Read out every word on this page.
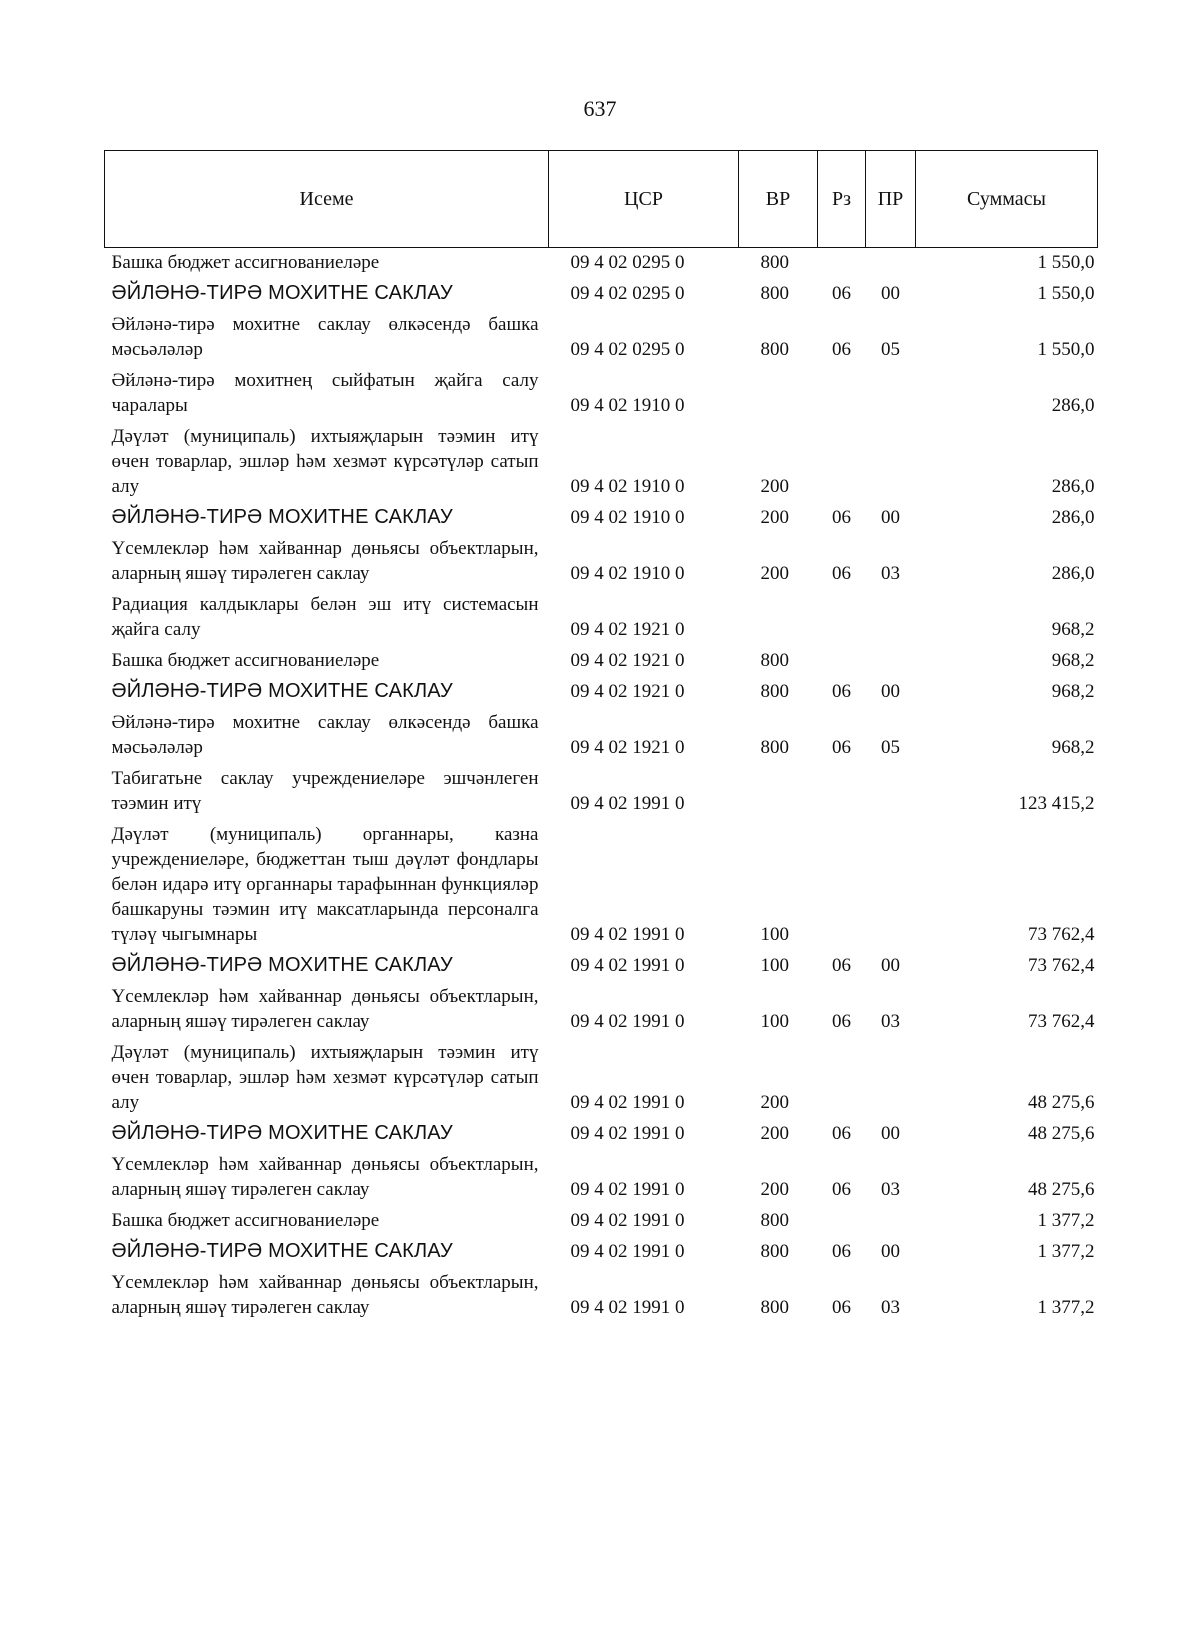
637
Исеме	ЦСР	ВР	Рз	ПР	Суммасы
Башка бюджет ассигнованиеләре	09 4 02 0295 0	800			1 550,0
ӘЙЛӘНӘ-ТИРӘ МОХИТНЕ САКЛАУ	09 4 02 0295 0	800	06	00	1 550,0
Әйләнә-тирә мохитне саклау өлкәсендә башка мәсьәләләр	09 4 02 0295 0	800	06	05	1 550,0
Әйләнә-тирә мохитнең сыйфатын җайга салу чаралары	09 4 02 1910 0				286,0
Дәүләт (муниципаль) ихтыяҗларын тәэмин итү өчен товарлар, эшләр һәм хезмәт күрсәтүләр сатып алу	09 4 02 1910 0	200			286,0
ӘЙЛӘНӘ-ТИРӘ МОХИТНЕ САКЛАУ	09 4 02 1910 0	200	06	00	286,0
Үсемлекләр һәм хайваннар дөньясы объектларын, аларның яшәү тирәлеген саклау	09 4 02 1910 0	200	06	03	286,0
Радиация калдыклары белән эш итү системасын җайга салу	09 4 02 1921 0				968,2
Башка бюджет ассигнованиеләре	09 4 02 1921 0	800			968,2
ӘЙЛӘНӘ-ТИРӘ МОХИТНЕ САКЛАУ	09 4 02 1921 0	800	06	00	968,2
Әйләнә-тирә мохитне саклау өлкәсендә башка мәсьәләләр	09 4 02 1921 0	800	06	05	968,2
Табигатьне саклау учреждениеләре эшчәнлеген тәэмин итү	09 4 02 1991 0				123 415,2
Дәүләт (муниципаль) органнары, казна учреждениеләре, бюджеттан тыш дәүләт фондлары белән идарә итү органнары тарафыннан функцияләр башкаруны тәэмин итү максатларында персоналга түләү чыгымнары	09 4 02 1991 0	100			73 762,4
ӘЙЛӘНӘ-ТИРӘ МОХИТНЕ САКЛАУ	09 4 02 1991 0	100	06	00	73 762,4
Үсемлекләр һәм хайваннар дөньясы объектларын, аларның яшәү тирәлеген саклау	09 4 02 1991 0	100	06	03	73 762,4
Дәүләт (муниципаль) ихтыяҗларын тәэмин итү өчен товарлар, эшләр һәм хезмәт күрсәтүләр сатып алу	09 4 02 1991 0	200			48 275,6
ӘЙЛӘНӘ-ТИРӘ МОХИТНЕ САКЛАУ	09 4 02 1991 0	200	06	00	48 275,6
Үсемлекләр һәм хайваннар дөньясы объектларын, аларның яшәү тирәлеген саклау	09 4 02 1991 0	200	06	03	48 275,6
Башка бюджет ассигнованиеләре	09 4 02 1991 0	800			1 377,2
ӘЙЛӘНӘ-ТИРӘ МОХИТНЕ САКЛАУ	09 4 02 1991 0	800	06	00	1 377,2
Үсемлекләр һәм хайваннар дөньясы объектларын, аларның яшәү тирәлеген саклау	09 4 02 1991 0	800	06	03	1 377,2
